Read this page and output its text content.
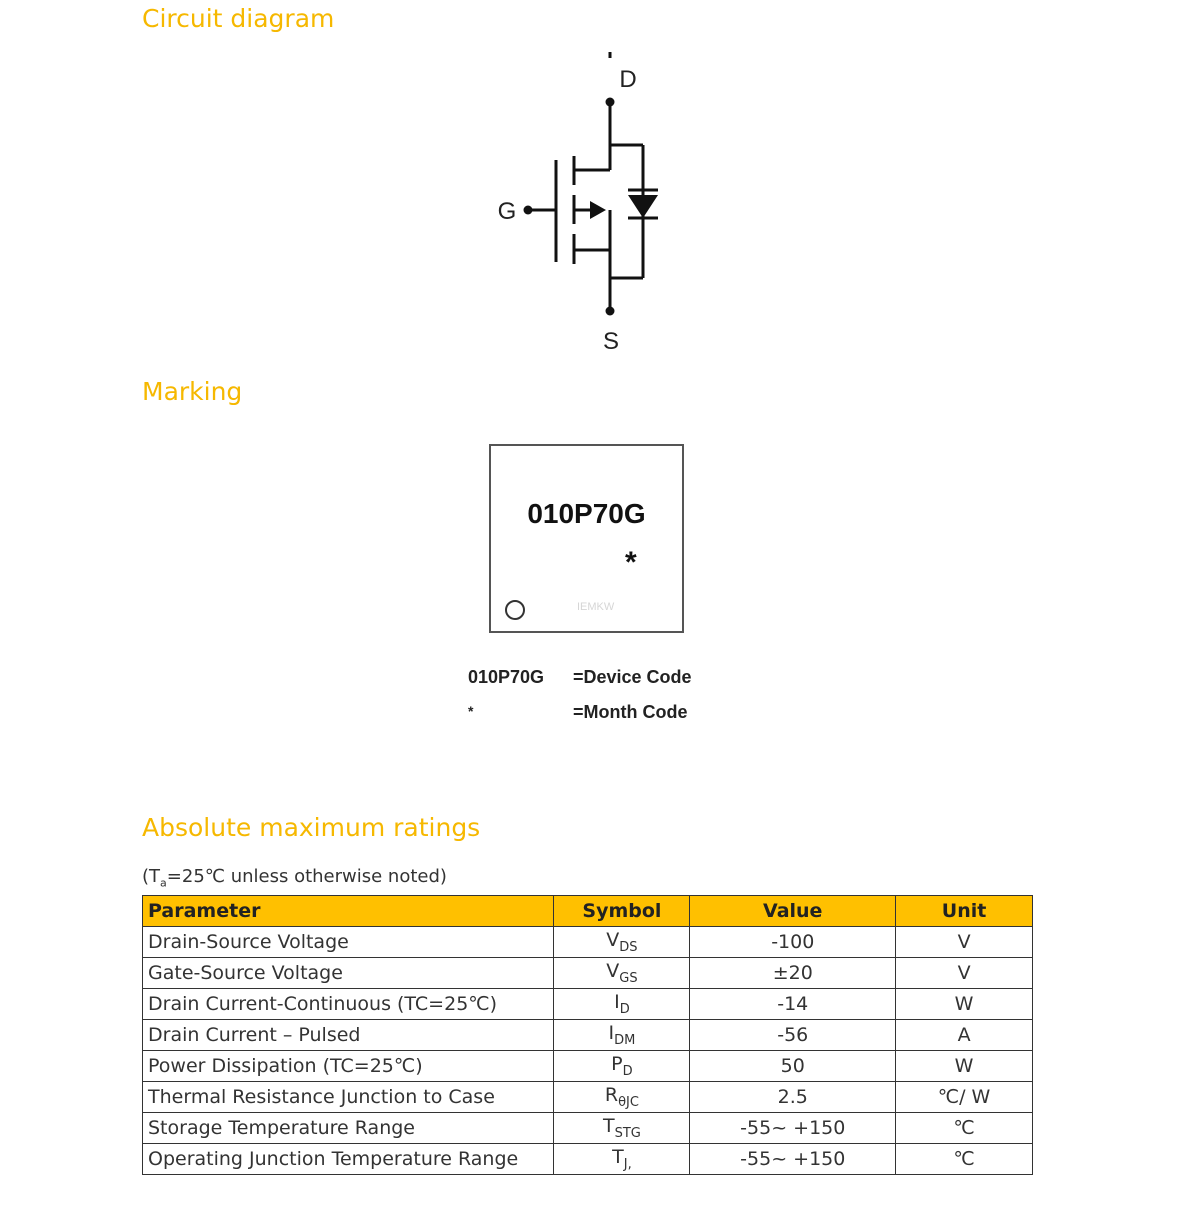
Circuit diagram
D
G
S
Marking
010P70G
*
IEMKW
010P70G =Device Code
*	=Month Code
Absolute maximum ratings
($T_a=25℃$ unless otherwise noted)
Parameter	Symbol	Value	Unit
Drain-Source Voltage	$V_{DS}$	-100	V
Gate-Source Voltage	$V_{GS}$	±20	V
Drain Current-Continuous (TC=25℃)	$I_D$	-14	W
Drain Current – Pulsed	$I_{DM}$	-56	A
Power Dissipation (TC=25℃)	$P_D$	50	W
Thermal Resistance Junction to Case	$R_{\theta JC}$	2.5	℃/ W
Storage Temperature Range	$T_{STG}$	-55~ +150	℃
Operating Junction Temperature Range	$T_{J,}$	-55~ +150	℃
